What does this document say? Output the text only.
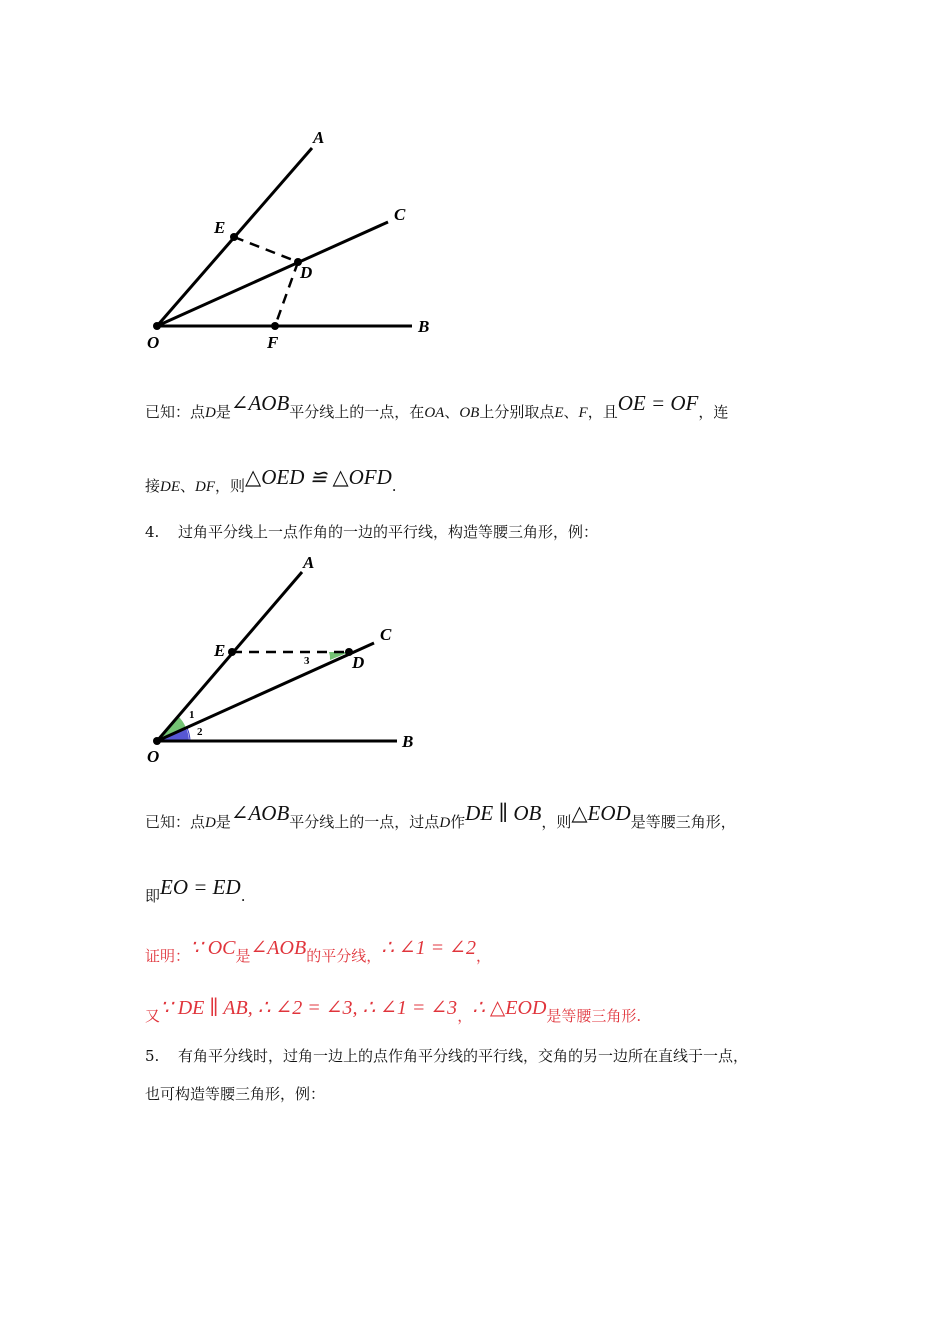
A
C
E
D
B
O	F
已知：点D是∠AOB平分线上的一点，在OA、OB上分别取点E、F，且OE = OF，连
接DE、DF，则△OED ≌ △OFD.
4. 过角平分线上一点作角的一边的平行线，构造等腰三角形，例：
A
C
E
D
B
O
1
2
3
已知：点D是∠AOB平分线上的一点，过点D作DE ∥ OB，则△EOD是等腰三角形，
即EO = ED.
证明：∵ OC是∠AOB的平分线，∴ ∠1 = ∠2，
又∵ DE ∥ AB, ∴ ∠2 = ∠3, ∴ ∠1 = ∠3，∴ △EOD是等腰三角形.
5. 有角平分线时，过角一边上的点作角平分线的平行线，交角的另一边所在直线于一点，
也可构造等腰三角形，例：
